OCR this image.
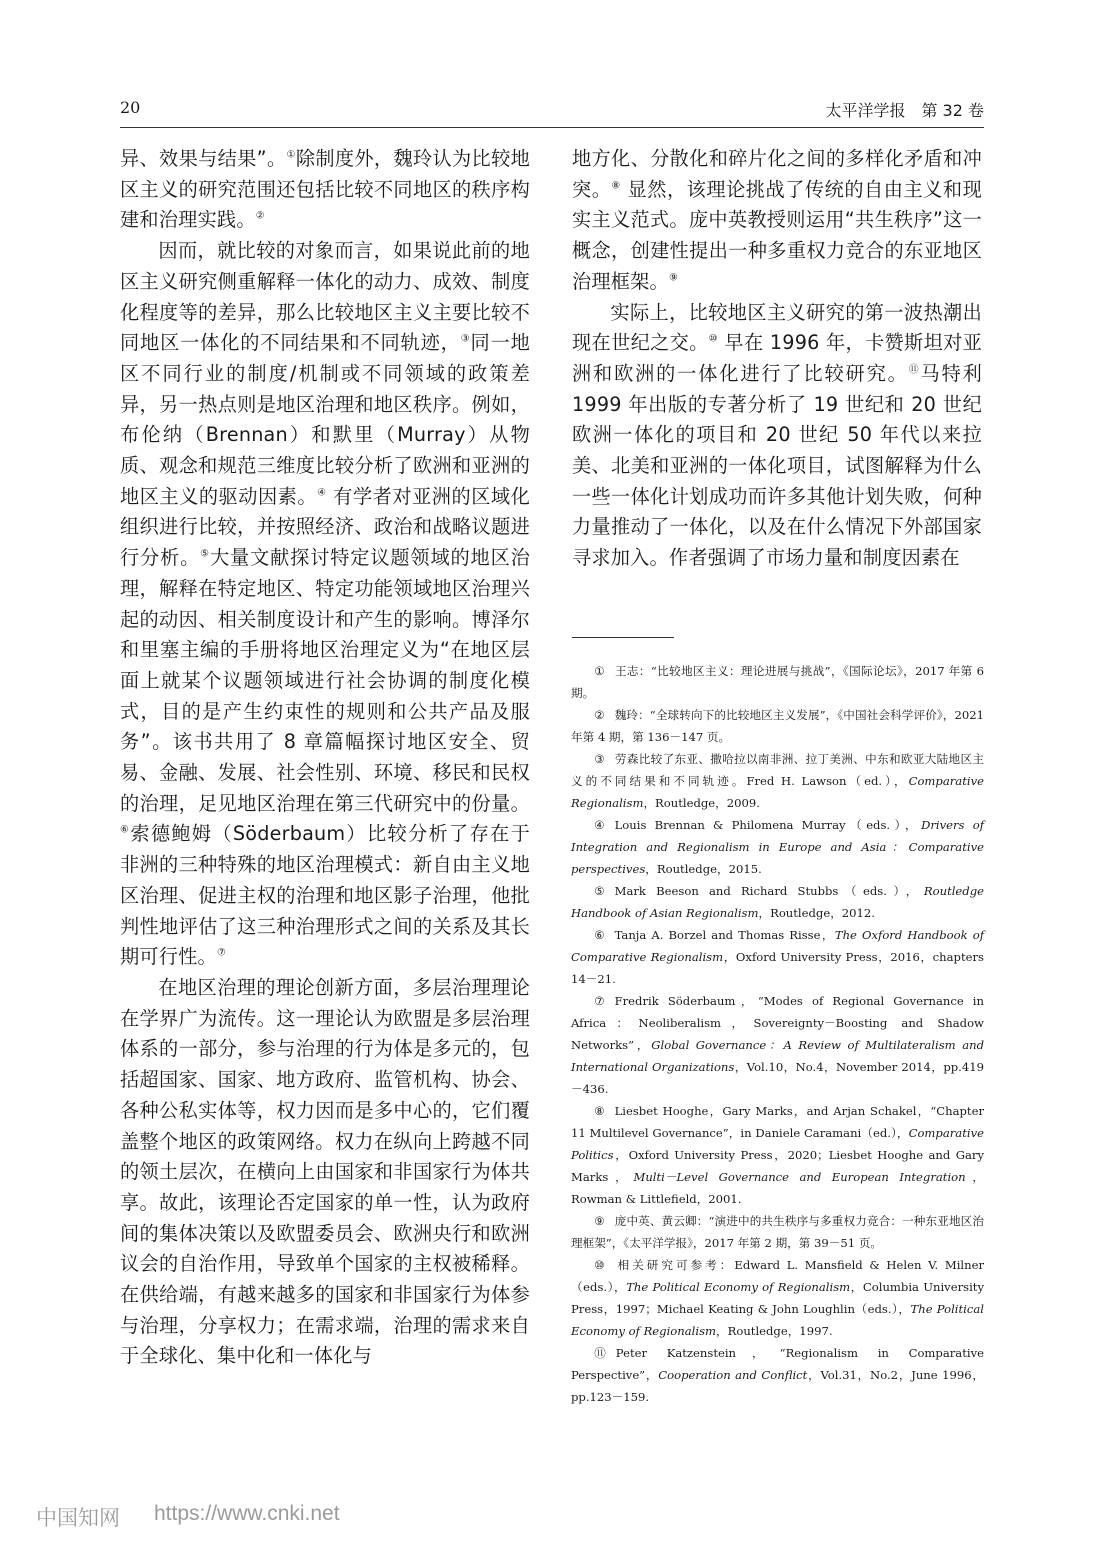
20	太平洋学报　第 32 卷

异、效果与结果”。①除制度外，魏玲认为比较地区主义的研究范围还包括比较不同地区的秩序构建和治理实践。②

因而，就比较的对象而言，如果说此前的地区主义研究侧重解释一体化的动力、成效、制度化程度等的差异，那么比较地区主义主要比较不同地区一体化的不同结果和不同轨迹，③同一地区不同行业的制度/机制或不同领域的政策差异，另一热点则是地区治理和地区秩序。例如，布伦纳（Brennan）和默里（Murray）从物质、观念和规范三维度比较分析了欧洲和亚洲的地区主义的驱动因素。④ 有学者对亚洲的区域化组织进行比较，并按照经济、政治和战略议题进行分析。⑤大量文献探讨特定议题领域的地区治理，解释在特定地区、特定功能领域地区治理兴起的动因、相关制度设计和产生的影响。博泽尔和里塞主编的手册将地区治理定义为“在地区层面上就某个议题领域进行社会协调的制度化模式，目的是产生约束性的规则和公共产品及服务”。该书共用了 8 章篇幅探讨地区安全、贸易、金融、发展、社会性别、环境、移民和民权的治理，足见地区治理在第三代研究中的份量。⑥索德鲍姆（Söderbaum）比较分析了存在于非洲的三种特殊的地区治理模式：新自由主义地区治理、促进主权的治理和地区影子治理，他批判性地评估了这三种治理形式之间的关系及其长期可行性。⑦

在地区治理的理论创新方面，多层治理理论在学界广为流传。这一理论认为欧盟是多层治理体系的一部分，参与治理的行为体是多元的，包括超国家、国家、地方政府、监管机构、协会、各种公私实体等，权力因而是多中心的，它们覆盖整个地区的政策网络。权力在纵向上跨越不同的领土层次，在横向上由国家和非国家行为体共享。故此，该理论否定国家的单一性，认为政府间的集体决策以及欧盟委员会、欧洲央行和欧洲议会的自治作用，导致单个国家的主权被稀释。在供给端，有越来越多的国家和非国家行为体参与治理，分享权力；在需求端，治理的需求来自于全球化、集中化和一体化与

地方化、分散化和碎片化之间的多样化矛盾和冲突。⑧ 显然，该理论挑战了传统的自由主义和现实主义范式。庞中英教授则运用“共生秩序”这一概念，创建性提出一种多重权力竞合的东亚地区治理框架。⑨

实际上，比较地区主义研究的第一波热潮出现在世纪之交。⑩ 早在 1996 年，卡赞斯坦对亚洲和欧洲的一体化进行了比较研究。⑪马特利 1999 年出版的专著分析了 19 世纪和 20 世纪欧洲一体化的项目和 20 世纪 50 年代以来拉美、北美和亚洲的一体化项目，试图解释为什么一些一体化计划成功而许多其他计划失败，何种力量推动了一体化，以及在什么情况下外部国家寻求加入。作者强调了市场力量和制度因素在

① 王志：“比较地区主义：理论进展与挑战”，《国际论坛》，2017 年第 6 期。

② 魏玲：“全球转向下的比较地区主义发展”，《中国社会科学评价》，2021 年第 4 期，第 136－147 页。

③ 劳森比较了东亚、撒哈拉以南非洲、拉丁美洲、中东和欧亚大陆地区主义的不同结果和不同轨迹。Fred H. Lawson（ed.），Comparative Regionalism，Routledge，2009.

④ Louis Brennan & Philomena Murray（eds.），Drivers of Integration and Regionalism in Europe and Asia：Comparative perspectives，Routledge，2015.

⑤ Mark Beeson and Richard Stubbs（eds.），Routledge Handbook of Asian Regionalism，Routledge，2012.

⑥ Tanja A. Borzel and Thomas Risse，The Oxford Handbook of Comparative Regionalism，Oxford University Press，2016，chapters 14－21.

⑦ Fredrik Söderbaum，“Modes of Regional Governance in Africa：Neoliberalism，Sovereignty－Boosting and Shadow Networks”，Global Governance：A Review of Multilateralism and International Organizations，Vol.10，No.4，November 2014，pp.419－436.

⑧ Liesbet Hooghe，Gary Marks，and Arjan Schakel，“Chapter 11 Multilevel Governance”，in Daniele Caramani（ed.），Comparative Politics，Oxford University Press，2020；Liesbet Hooghe and Gary Marks，Multi－Level Governance and European Integration，Rowman & Littlefield，2001.

⑨ 庞中英、黄云卿：“演进中的共生秩序与多重权力竞合：一种东亚地区治理框架”，《太平洋学报》，2017 年第 2 期，第 39－51 页。

⑩ 相关研究可参考：Edward L. Mansfield & Helen V. Milner（eds.），The Political Economy of Regionalism，Columbia University Press，1997；Michael Keating & John Loughlin（eds.），The Political Economy of Regionalism，Routledge，1997.

⑪ Peter Katzenstein，“Regionalism in Comparative Perspective”，Cooperation and Conflict，Vol.31，No.2，June 1996，pp.123－159.

中国知网 https://www.cnki.net
